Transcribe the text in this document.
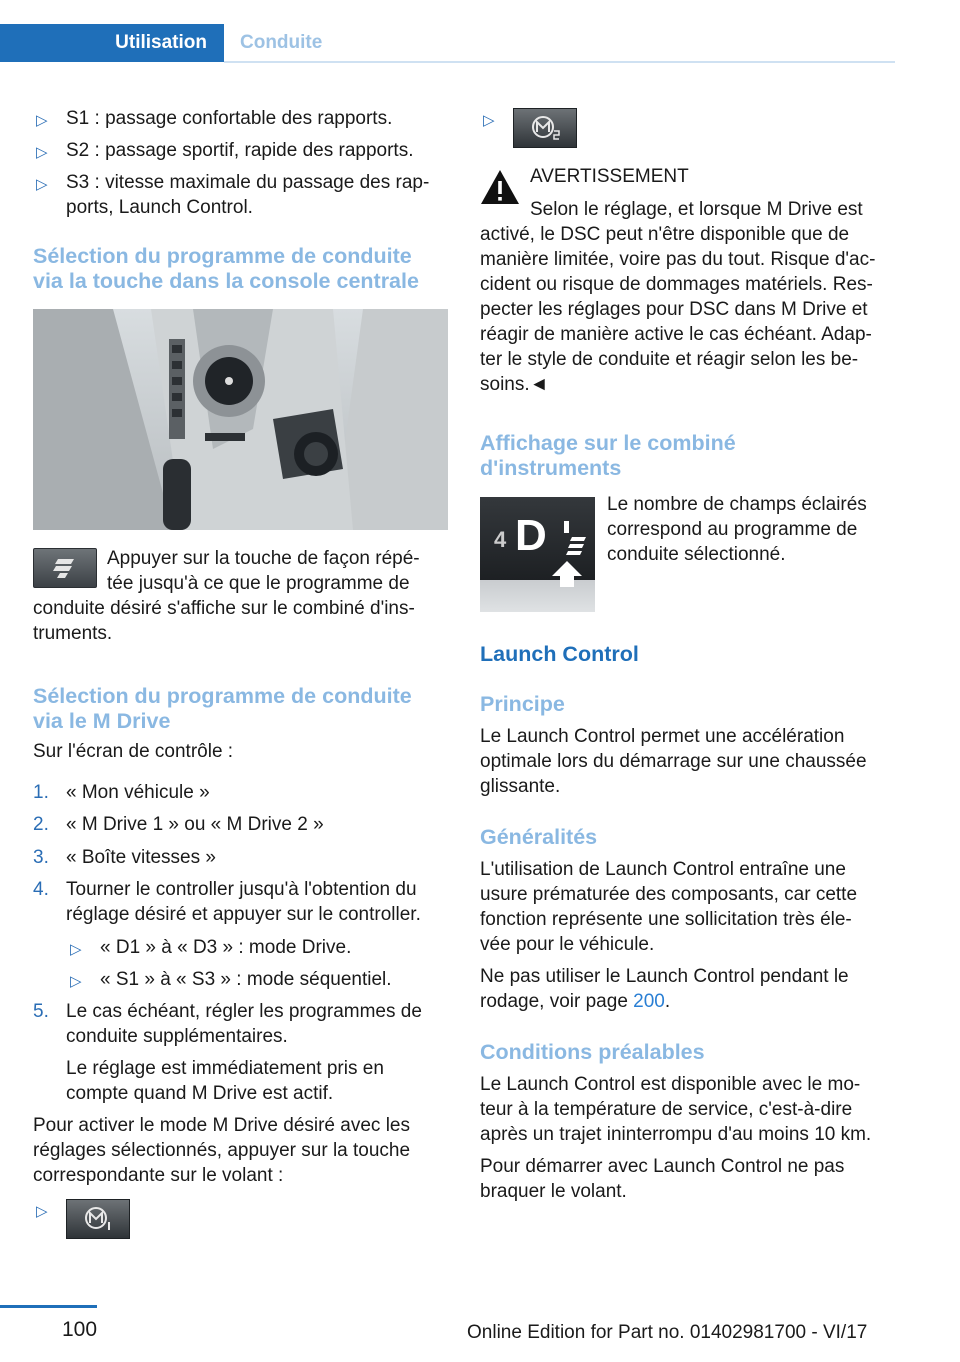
Utilisation	Conduite
▷ S1 : passage confortable des rapports.
▷ S2 : passage sportif, rapide des rapports.
▷ S3 : vitesse maximale du passage des rap‐
ports, Launch Control.
Sélection du programme de conduite
via la touche dans la console centrale
Appuyer sur la touche de façon répé‐
tée jusqu'à ce que le programme de
conduite désiré s'affiche sur le combiné d'ins‐
truments.
Sélection du programme de conduite
via le M Drive
Sur l'écran de contrôle :
1. « Mon véhicule »
2. « M Drive 1 » ou « M Drive 2 »
3. « Boîte vitesses »
4. Tourner le controller jusqu'à l'obtention du
réglage désiré et appuyer sur le controller.
▷ « D1 » à « D3 » : mode Drive.
▷ « S1 » à « S3 » : mode séquentiel.
5. Le cas échéant, régler les programmes de
conduite supplémentaires.
Le réglage est immédiatement pris en
compte quand M Drive est actif.
Pour activer le mode M Drive désiré avec les
réglages sélectionnés, appuyer sur la touche
correspondante sur le volant :
▷
▷
AVERTISSEMENT
Selon le réglage, et lorsque M Drive est
activé, le DSC peut n'être disponible que de
manière limitée, voire pas du tout. Risque d'ac‐
cident ou risque de dommages matériels. Res‐
pecter les réglages pour DSC dans M Drive et
réagir de manière active le cas échéant. Adap‐
ter le style de conduite et réagir selon les be‐
soins.◄
Affichage sur le combiné
d'instruments
4 D
Le nombre de champs éclairés
correspond au programme de
conduite sélectionné.
Launch Control
Principe
Le Launch Control permet une accélération
optimale lors du démarrage sur une chaussée
glissante.
Généralités
L'utilisation de Launch Control entraîne une
usure prématurée des composants, car cette
fonction représente une sollicitation très éle‐
vée pour le véhicule.
Ne pas utiliser le Launch Control pendant le
rodage, voir page 200.
Conditions préalables
Le Launch Control est disponible avec le mo‐
teur à la température de service, c'est-à-dire
après un trajet ininterrompu d'au moins 10 km.
Pour démarrer avec Launch Control ne pas
braquer le volant.
100	Online Edition for Part no. 01402981700 - VI/17
